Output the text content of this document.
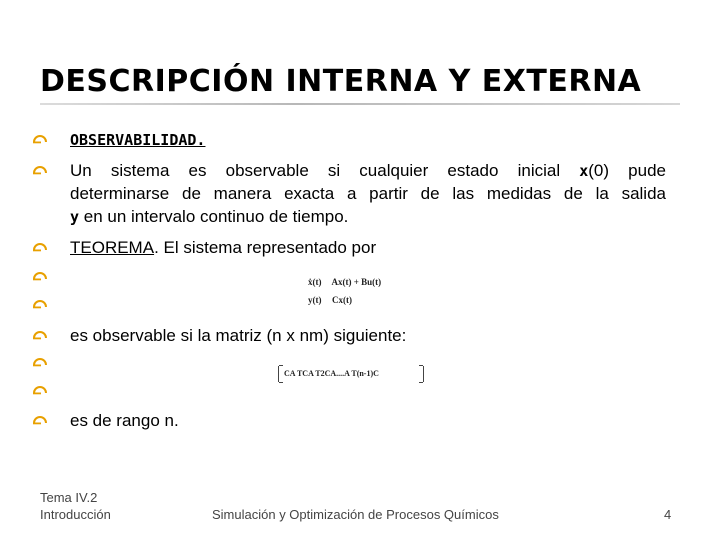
DESCRIPCIÓN INTERNA Y EXTERNA
OBSERVABILIDAD.
Un sistema es observable si cualquier estado inicial x(0) pude
determinarse de manera exacta a partir de las medidas de la salida
y en un intervalo continuo de tiempo.
TEOREMA. El sistema representado por
ẋ(t) Ax(t) + Bu(t)
y(t) Cx(t)
es observable si la matriz (n x nm) siguiente:
CA TCA T2CA....A T(n-1)C
es de rango n.
Tema IV.2
Introducción	Simulación y Optimización de Procesos Químicos	4
